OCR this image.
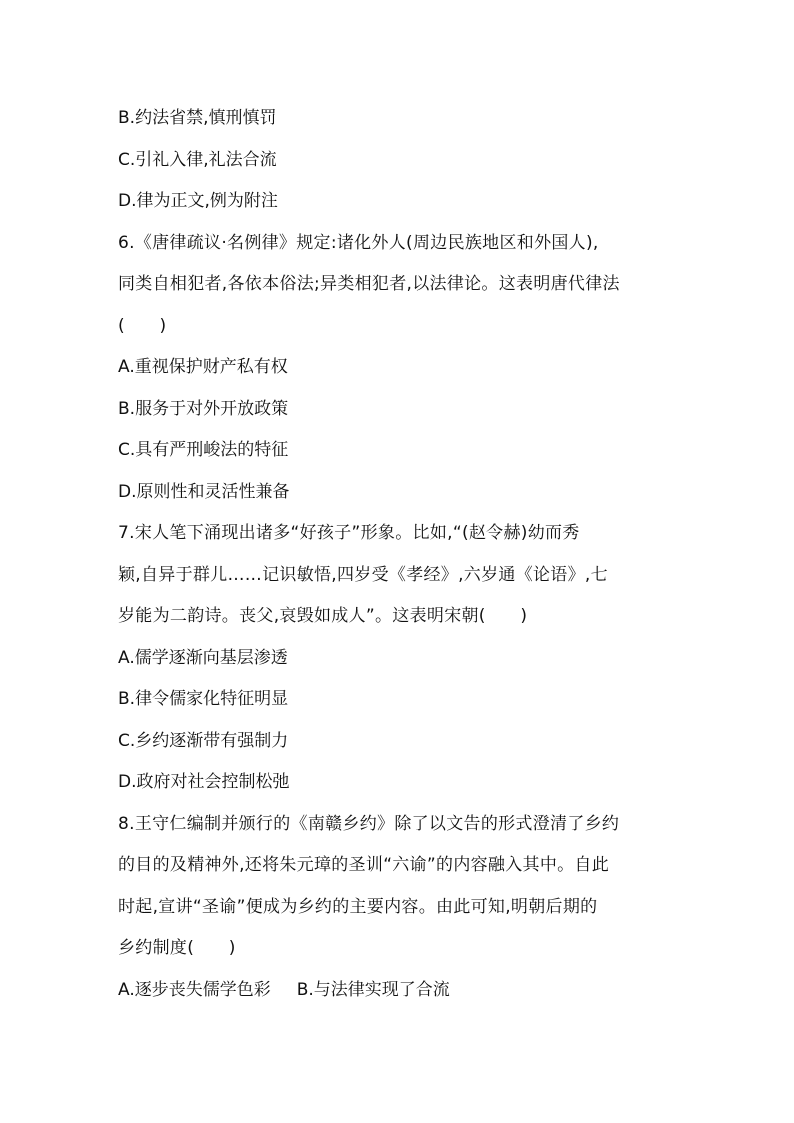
B.约法省禁,慎刑慎罚
C.引礼入律,礼法合流
D.律为正文,例为附注
6.《唐律疏议·名例律》规定:诸化外人(周边民族地区和外国人),
同类自相犯者,各依本俗法;异类相犯者,以法律论。这表明唐代律法
(　　)
A.重视保护财产私有权
B.服务于对外开放政策
C.具有严刑峻法的特征
D.原则性和灵活性兼备
7.宋人笔下涌现出诸多“好孩子”形象。比如,“(赵令赫)幼而秀
颖,自异于群儿……记识敏悟,四岁受《孝经》,六岁通《论语》,七
岁能为二韵诗。丧父,哀毁如成人”。这表明宋朝(　　)
A.儒学逐渐向基层渗透
B.律令儒家化特征明显
C.乡约逐渐带有强制力
D.政府对社会控制松弛
8.王守仁编制并颁行的《南赣乡约》除了以文告的形式澄清了乡约
的目的及精神外,还将朱元璋的圣训“六谕”的内容融入其中。自此
时起,宣讲“圣谕”便成为乡约的主要内容。由此可知,明朝后期的
乡约制度(　　)
A.逐步丧失儒学色彩 B.与法律实现了合流
